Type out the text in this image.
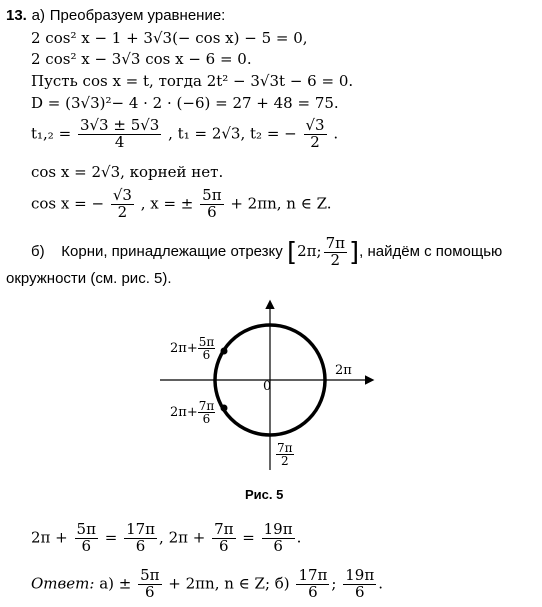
13. а) Преобразуем уравнение:
2 cos² x − 1 + 3√3(− cos x) − 5 = 0,
2 cos² x − 3√3 cos x − 6 = 0.
Пусть cos x = t, тогда 2t² − 3√3t − 6 = 0.
D = (3√3)²− 4 · 2 · (−6) = 27 + 48 = 75.
$t_1,_2 = \frac{3√3 \pm 5√3}{4}$ , t₁ = 2√3, t₂ = − $\frac{√3}{2}$ .
cos x = 2√3, корней нет.
cos x = − $\frac{√3}{2}$ , x = ± $\frac{5\pi}{6} + 2\pi n$, n ∈ Z.
б) Корни, принадлежащие отрезку [2π; $\frac{7\pi}{2}$ ], найдём с помощью
окружности (см. рис. 5).
$2\pi+ \frac{5\pi}{6}$
$2\pi+ \frac{7\pi}{6}$
0
2π
$\frac{7\pi}{2}$
Рис. 5
$2\pi + \frac{5\pi}{6} = \frac{17\pi}{6}$ , $2\pi + \frac{7\pi}{6} = \frac{19\pi}{6}$ .
Ответ: $а) \pm \frac{5\pi}{6} + 2\pi n$, n ∈ Z; $б) \frac{17\pi}{6}$ ; $\frac{19\pi}{6}$ .
